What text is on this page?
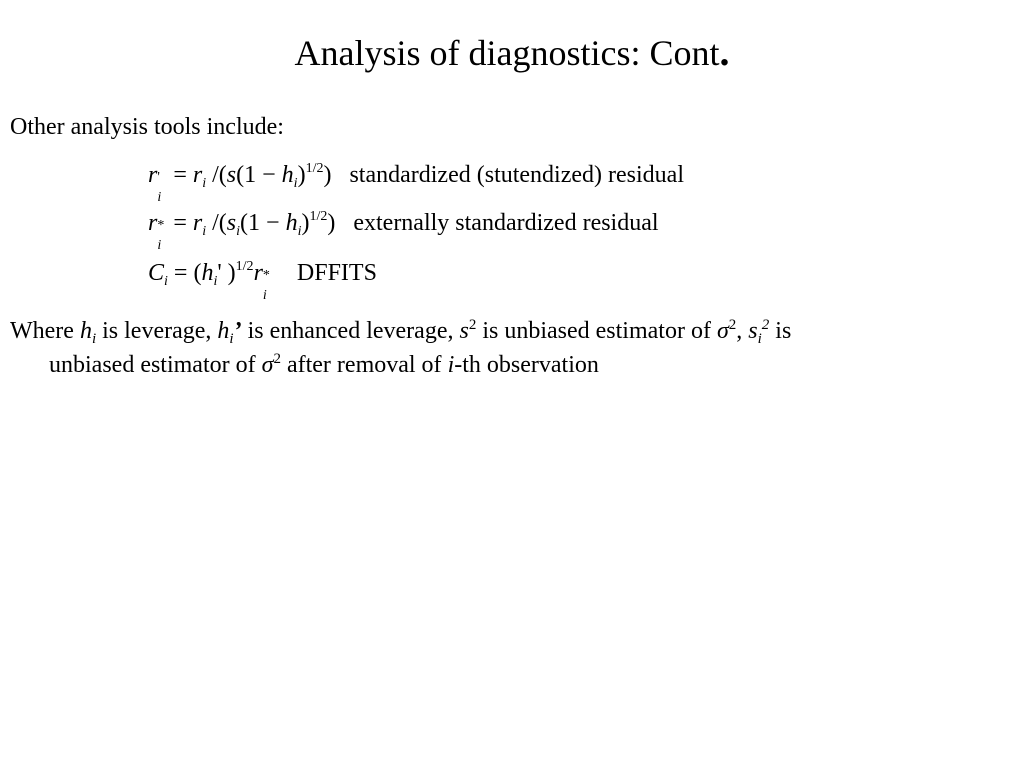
Analysis of diagnostics: Cont.
Other analysis tools include:
r '
i
= $r_i$ $/(s(1 - h_i)^{1/2})$ standardized (stutendized) residual
r *
i
= $r_i$ $/(s_i(1 - h_i)^{1/2})$ externally standardized residual
$C_i = (h_i'$ )$^{1/2}$r *
i
DFFITS
Where $h_i$ is leverage, $h_i$’ is enhanced leverage, $s^2$ is unbiased estimator of $\sigma^2$, $s_i^2$ is
unbiased estimator of $\sigma^2$ after removal of i-th observation
